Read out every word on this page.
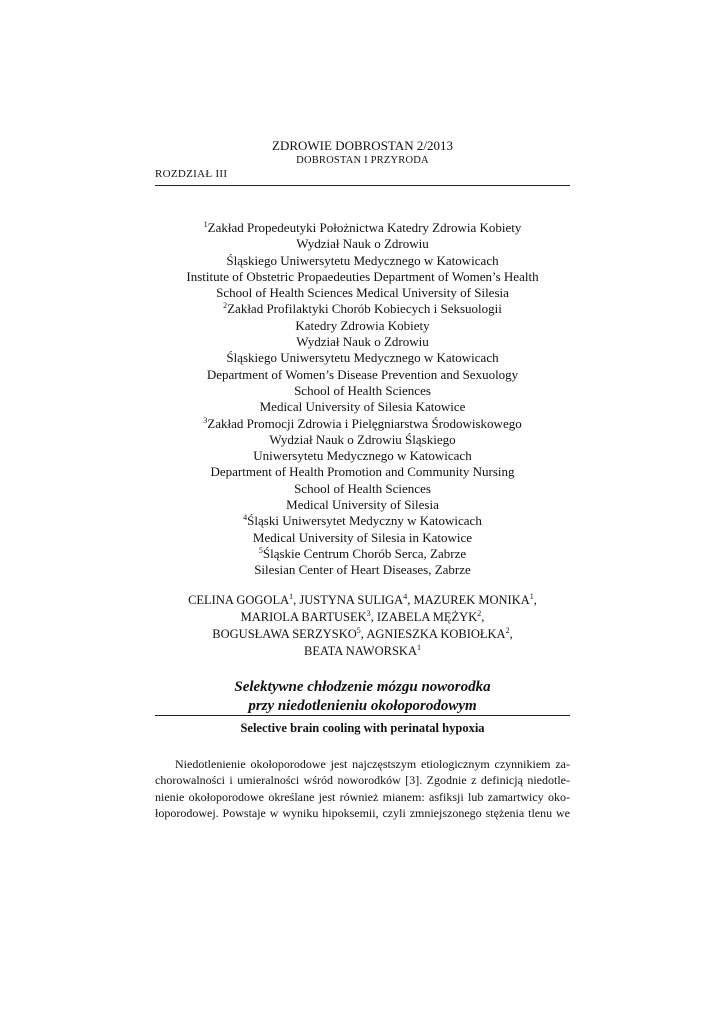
ZDROWIE DOBROSTAN 2/2013
DOBROSTAN I PRZYRODA
ROZDZIAŁ III
$^1$Zakład Propedeutyki Położnictwa Katedry Zdrowia Kobiety
Wydział Nauk o Zdrowiu
Śląskiego Uniwersytetu Medycznego w Katowicach
Institute of Obstetric Propaedeuties Department of Women’s Health
School of Health Sciences Medical University of Silesia
$^2$Zakład Profilaktyki Chorób Kobiecych i Seksuologii
Katedry Zdrowia Kobiety
Wydział Nauk o Zdrowiu
Śląskiego Uniwersytetu Medycznego w Katowicach
Department of Women’s Disease Prevention and Sexuology
School of Health Sciences
Medical University of Silesia Katowice
$^3$Zakład Promocji Zdrowia i Pielęgniarstwa Środowiskowego
Wydział Nauk o Zdrowiu Śląskiego
Uniwersytetu Medycznego w Katowicach
Department of Health Promotion and Community Nursing
School of Health Sciences
Medical University of Silesia
$^4$Śląski Uniwersytet Medyczny w Katowicach
Medical University of Silesia in Katowice
$^5$Śląskie Centrum Chorób Serca, Zabrze
Silesian Center of Heart Diseases, Zabrze
CELINA GOGOLA$^1$, JUSTYNA SULIGA$^4$, MAZUREK MONIKA$^1$,
MARIOLA BARTUSEK$^3$, IZABELA MĘŻYK$^2$,
BOGUSŁAWA SERZYSKO$^5$, AGNIESZKA KOBIOŁKA$^2$,
BEATA NAWORSKA$^1$
Selektywne chłodzenie mózgu noworodka
przy niedotlenieniu okołoporodowym
Selective brain cooling with perinatal hypoxia
Niedotlenienie okołoporodowe jest najczęstszym etiologicznym czynnikiem za-
chorowalności i umieralności wśród noworodków [3]. Zgodnie z definicją niedotle-
nienie okołoporodowe określane jest również mianem: asfiksji lub zamartwicy oko-
łoporodowej. Powstaje w wyniku hipoksemii, czyli zmniejszonego stężenia tlenu we
